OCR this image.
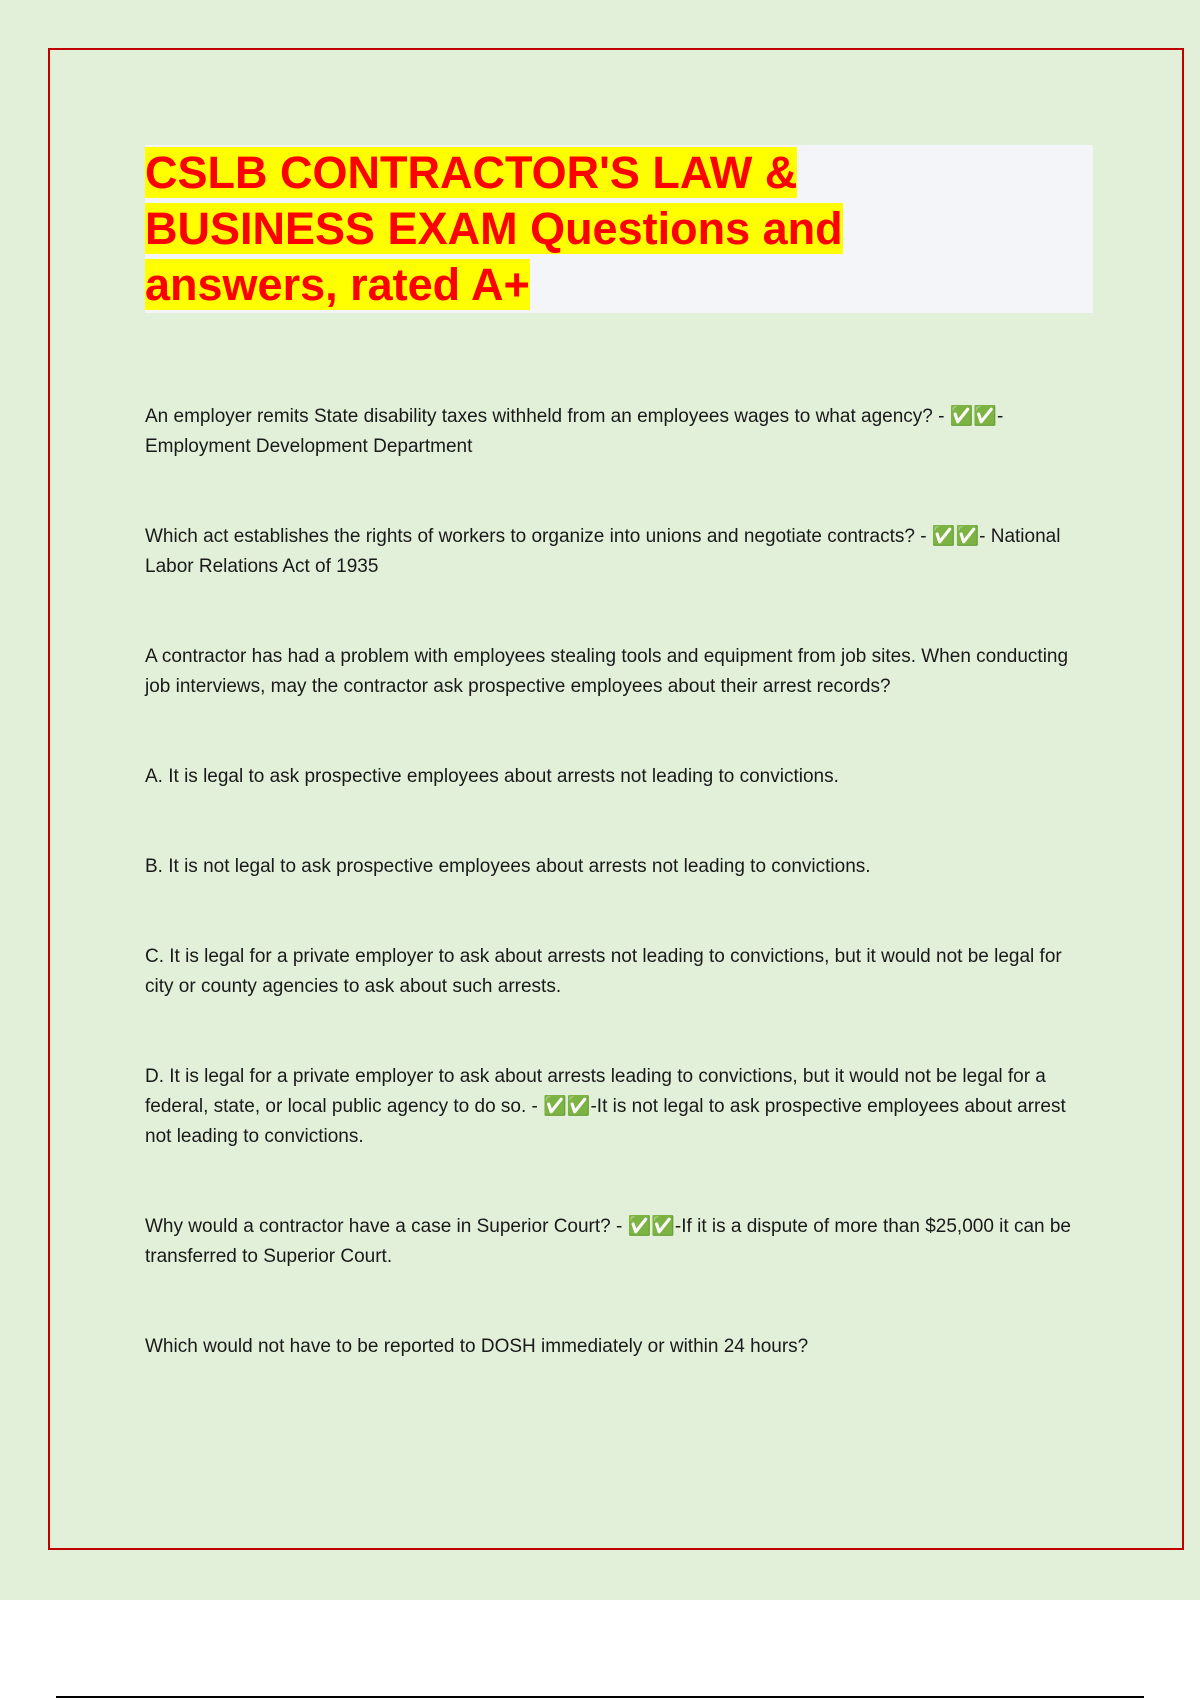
CSLB CONTRACTOR'S LAW & BUSINESS EXAM Questions and answers, rated A+

An employer remits State disability taxes withheld from an employees wages to what agency? - ✅✅- Employment Development Department

Which act establishes the rights of workers to organize into unions and negotiate contracts? - ✅✅- National Labor Relations Act of 1935

A contractor has had a problem with employees stealing tools and equipment from job sites. When conducting job interviews, may the contractor ask prospective employees about their arrest records?

A. It is legal to ask prospective employees about arrests not leading to convictions.

B. It is not legal to ask prospective employees about arrests not leading to convictions.

C. It is legal for a private employer to ask about arrests not leading to convictions, but it would not be legal for city or county agencies to ask about such arrests.

D. It is legal for a private employer to ask about arrests leading to convictions, but it would not be legal for a federal, state, or local public agency to do so. - ✅✅-It is not legal to ask prospective employees about arrest not leading to convictions.

Why would a contractor have a case in Superior Court? - ✅✅-If it is a dispute of more than $25,000 it can be transferred to Superior Court.

Which would not have to be reported to DOSH immediately or within 24 hours?
